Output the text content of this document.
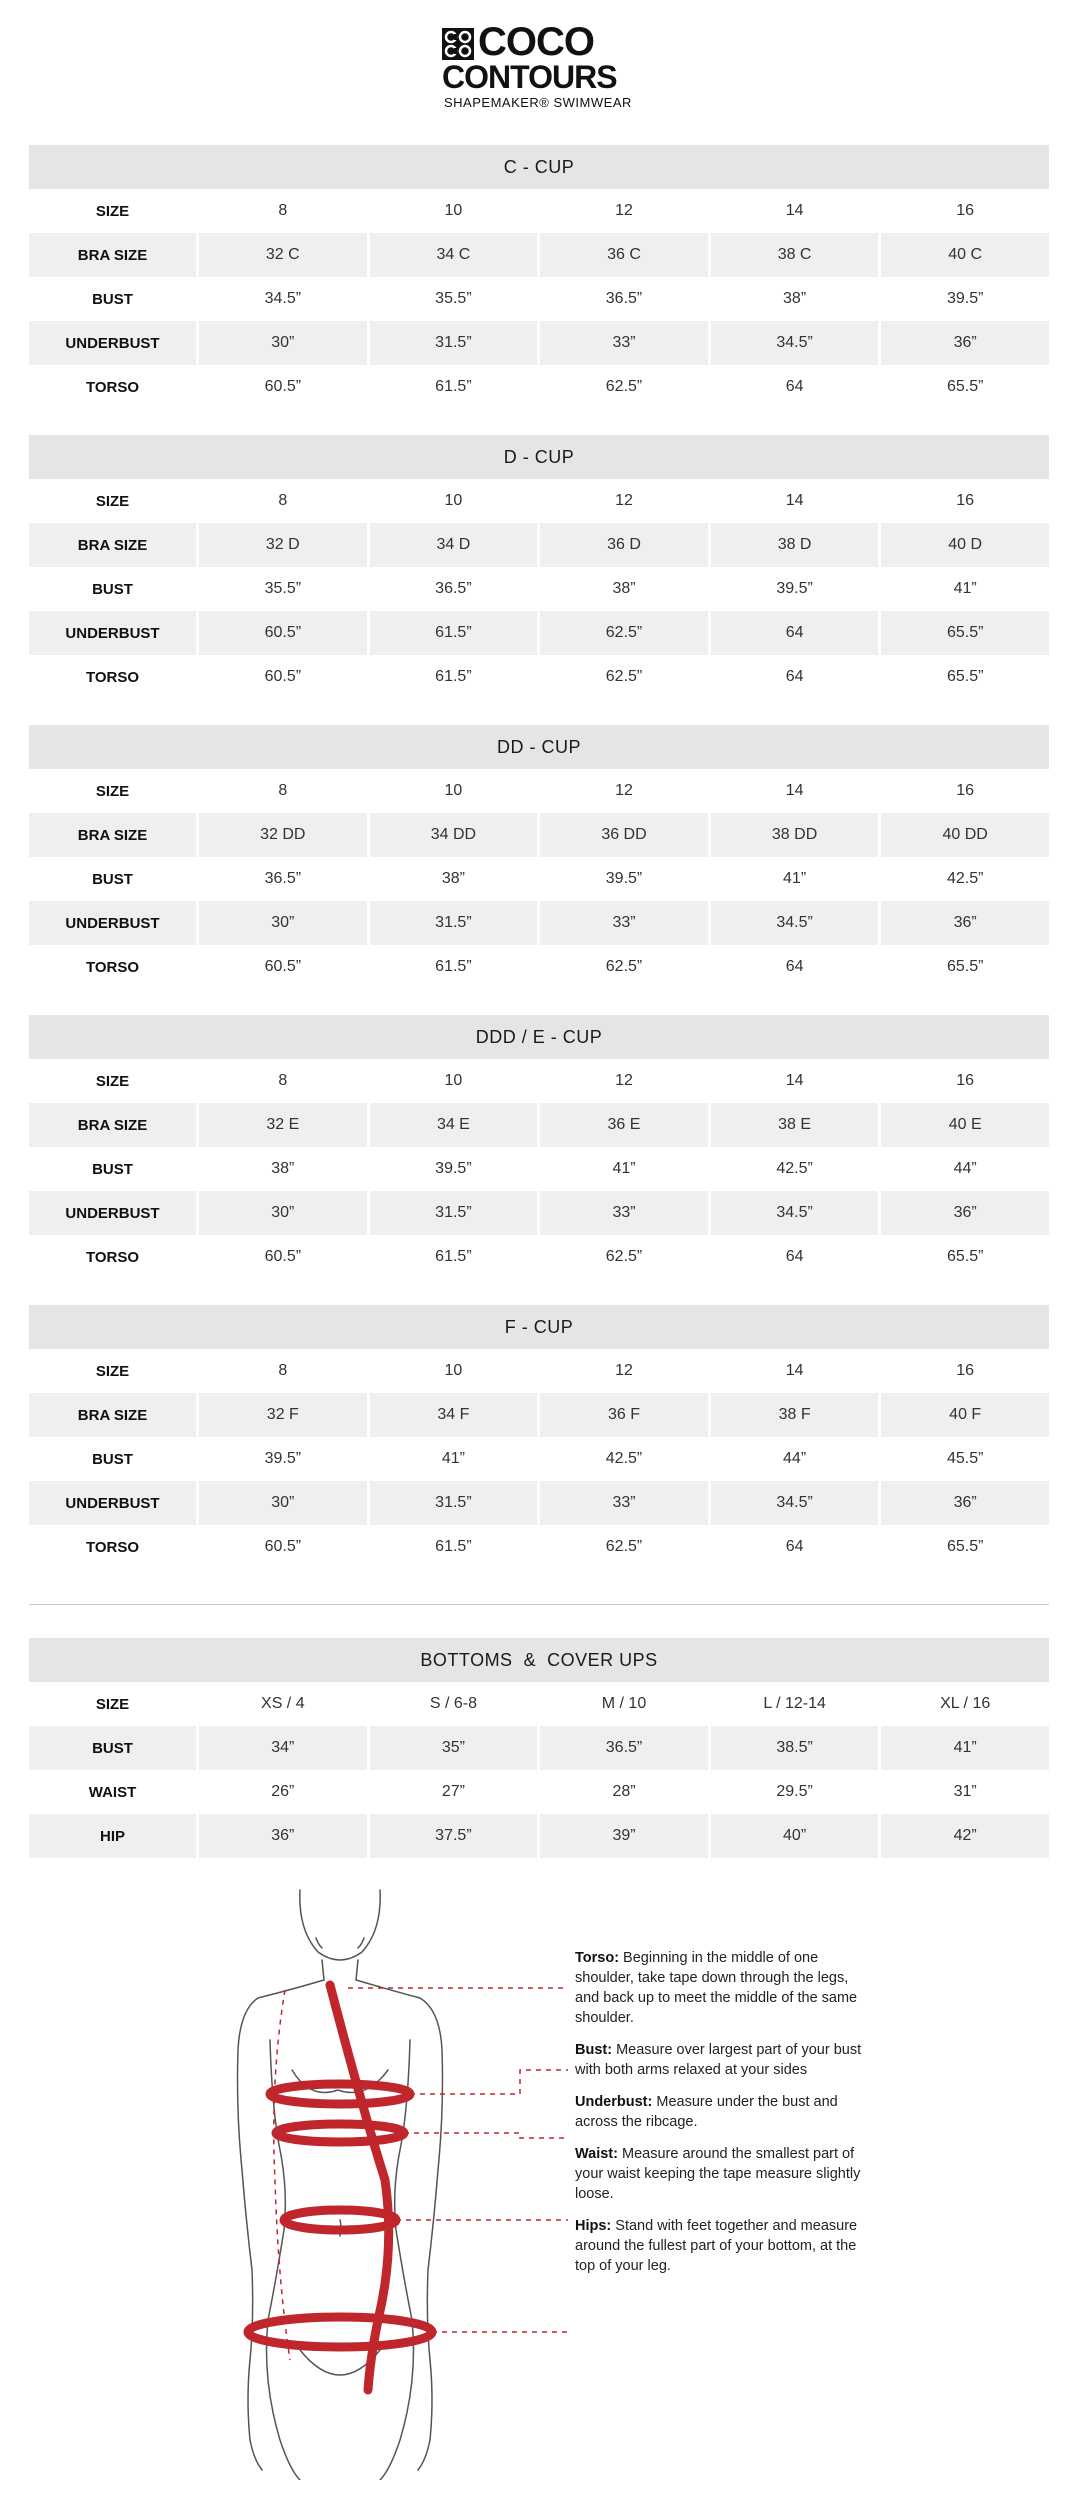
COCO
CONTOURS
SHAPEMAKER® SWIMWEAR
C - CUP
SIZE	8	10	12	14	16
BRA SIZE	32 C	34 C	36 C	38 C	40 C
BUST	34.5”	35.5”	36.5”	38”	39.5”
UNDERBUST	30”	31.5”	33”	34.5”	36”
TORSO	60.5”	61.5”	62.5”	64	65.5”
D - CUP
SIZE	8	10	12	14	16
BRA SIZE	32 D	34 D	36 D	38 D	40 D
BUST	35.5”	36.5”	38”	39.5”	41”
UNDERBUST	60.5”	61.5”	62.5”	64	65.5”
TORSO	60.5”	61.5”	62.5”	64	65.5”
DD - CUP
SIZE	8	10	12	14	16
BRA SIZE	32 DD	34 DD	36 DD	38 DD	40 DD
BUST	36.5”	38”	39.5”	41”	42.5”
UNDERBUST	30”	31.5”	33”	34.5”	36”
TORSO	60.5”	61.5”	62.5”	64	65.5”
DDD / E - CUP
SIZE	8	10	12	14	16
BRA SIZE	32 E	34 E	36 E	38 E	40 E
BUST	38”	39.5”	41”	42.5”	44”
UNDERBUST	30”	31.5”	33”	34.5”	36”
TORSO	60.5”	61.5”	62.5”	64	65.5”
F - CUP
SIZE	8	10	12	14	16
BRA SIZE	32 F	34 F	36 F	38 F	40 F
BUST	39.5”	41”	42.5”	44”	45.5”
UNDERBUST	30”	31.5”	33”	34.5”	36”
TORSO	60.5”	61.5”	62.5”	64	65.5”
BOTTOMS  &  COVER UPS
SIZE	XS / 4	S / 6-8	M / 10	L / 12-14	XL / 16
BUST	34”	35”	36.5”	38.5”	41”
WAIST	26”	27”	28”	29.5”	31”
HIP	36”	37.5”	39”	40”	42”

Torso: Beginning in the middle of one shoulder, take tape down through the legs, and back up to meet the middle of the same shoulder.

Bust: Measure over largest part of your bust with both arms relaxed at your sides

Underbust: Measure under the bust and across the ribcage.

Waist: Measure around the smallest part of your waist keeping the tape measure slightly loose.

Hips: Stand with feet together and measure around the fullest part of your bottom, at the top of your leg.
